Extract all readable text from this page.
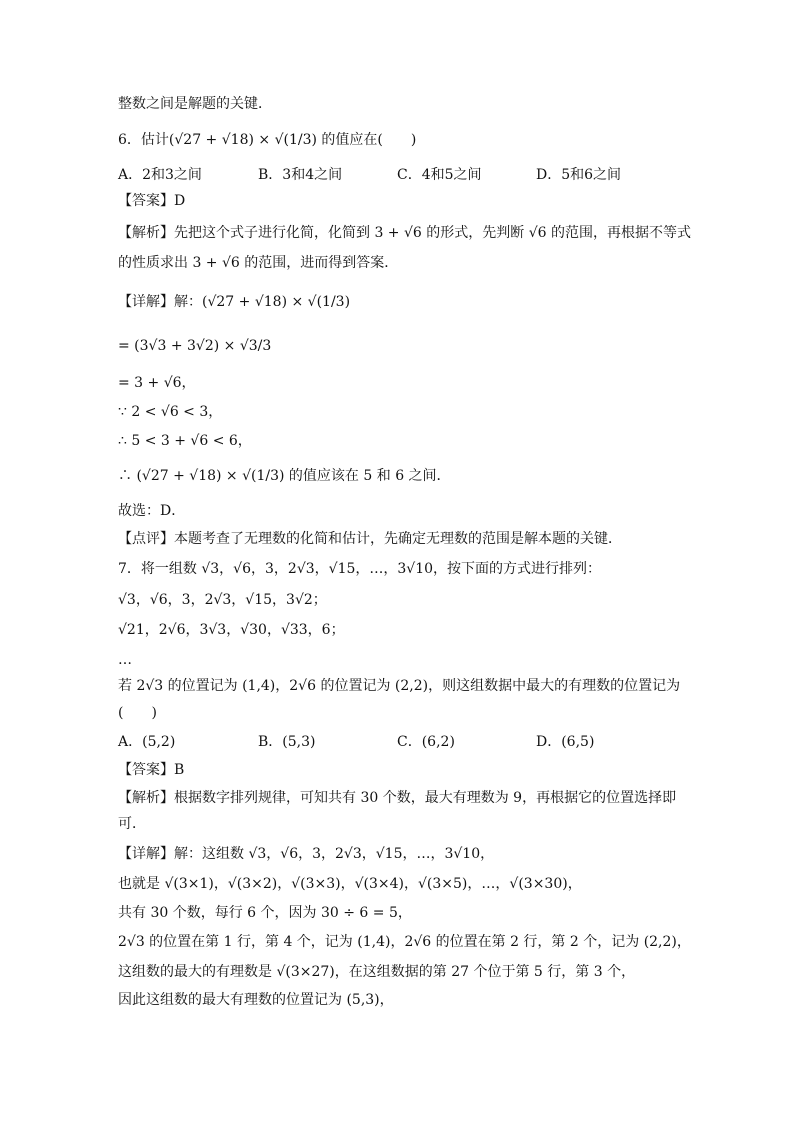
整数之间是解题的关键．
6．估计(√27 + √18) × √(1/3) 的值应在(　　)
A．2和3之间	B．3和4之间	C．4和5之间	D．5和6之间
【答案】D
【解析】先把这个式子进行化简，化简到 3 + √6 的形式，先判断 √6 的范围，再根据不等式
的性质求出 3 + √6 的范围，进而得到答案．
【详解】解：(√27 + √18) × √(1/3)
= (3√3 + 3√2) × √3/3
= 3 + √6，
∵ 2 < √6 < 3，
∴ 5 < 3 + √6 < 6，
∴ (√27 + √18) × √(1/3) 的值应该在 5 和 6 之间．
故选：D．
【点评】本题考查了无理数的化简和估计，先确定无理数的范围是解本题的关键．
7．将一组数 √3，√6，3，2√3，√15，…，3√10，按下面的方式进行排列：
√3，√6，3，2√3，√15，3√2；
√21，2√6，3√3，√30，√33，6；
…
若 2√3 的位置记为 (1,4)，2√6 的位置记为 (2,2)，则这组数据中最大的有理数的位置记为
(　　)
A．(5,2)	B．(5,3)	C．(6,2)	D．(6,5)
【答案】B
【解析】根据数字排列规律，可知共有 30 个数，最大有理数为 9，再根据它的位置选择即
可．
【详解】解：这组数 √3，√6，3，2√3，√15，…，3√10，
也就是 √(3×1)，√(3×2)，√(3×3)，√(3×4)，√(3×5)，…，√(3×30)，
共有 30 个数，每行 6 个，因为 30 ÷ 6 = 5，
2√3 的位置在第 1 行，第 4 个，记为 (1,4)，2√6 的位置在第 2 行，第 2 个，记为 (2,2)，
这组数的最大的有理数是 √(3×27)，在这组数据的第 27 个位于第 5 行，第 3 个，
因此这组数的最大有理数的位置记为 (5,3)，
